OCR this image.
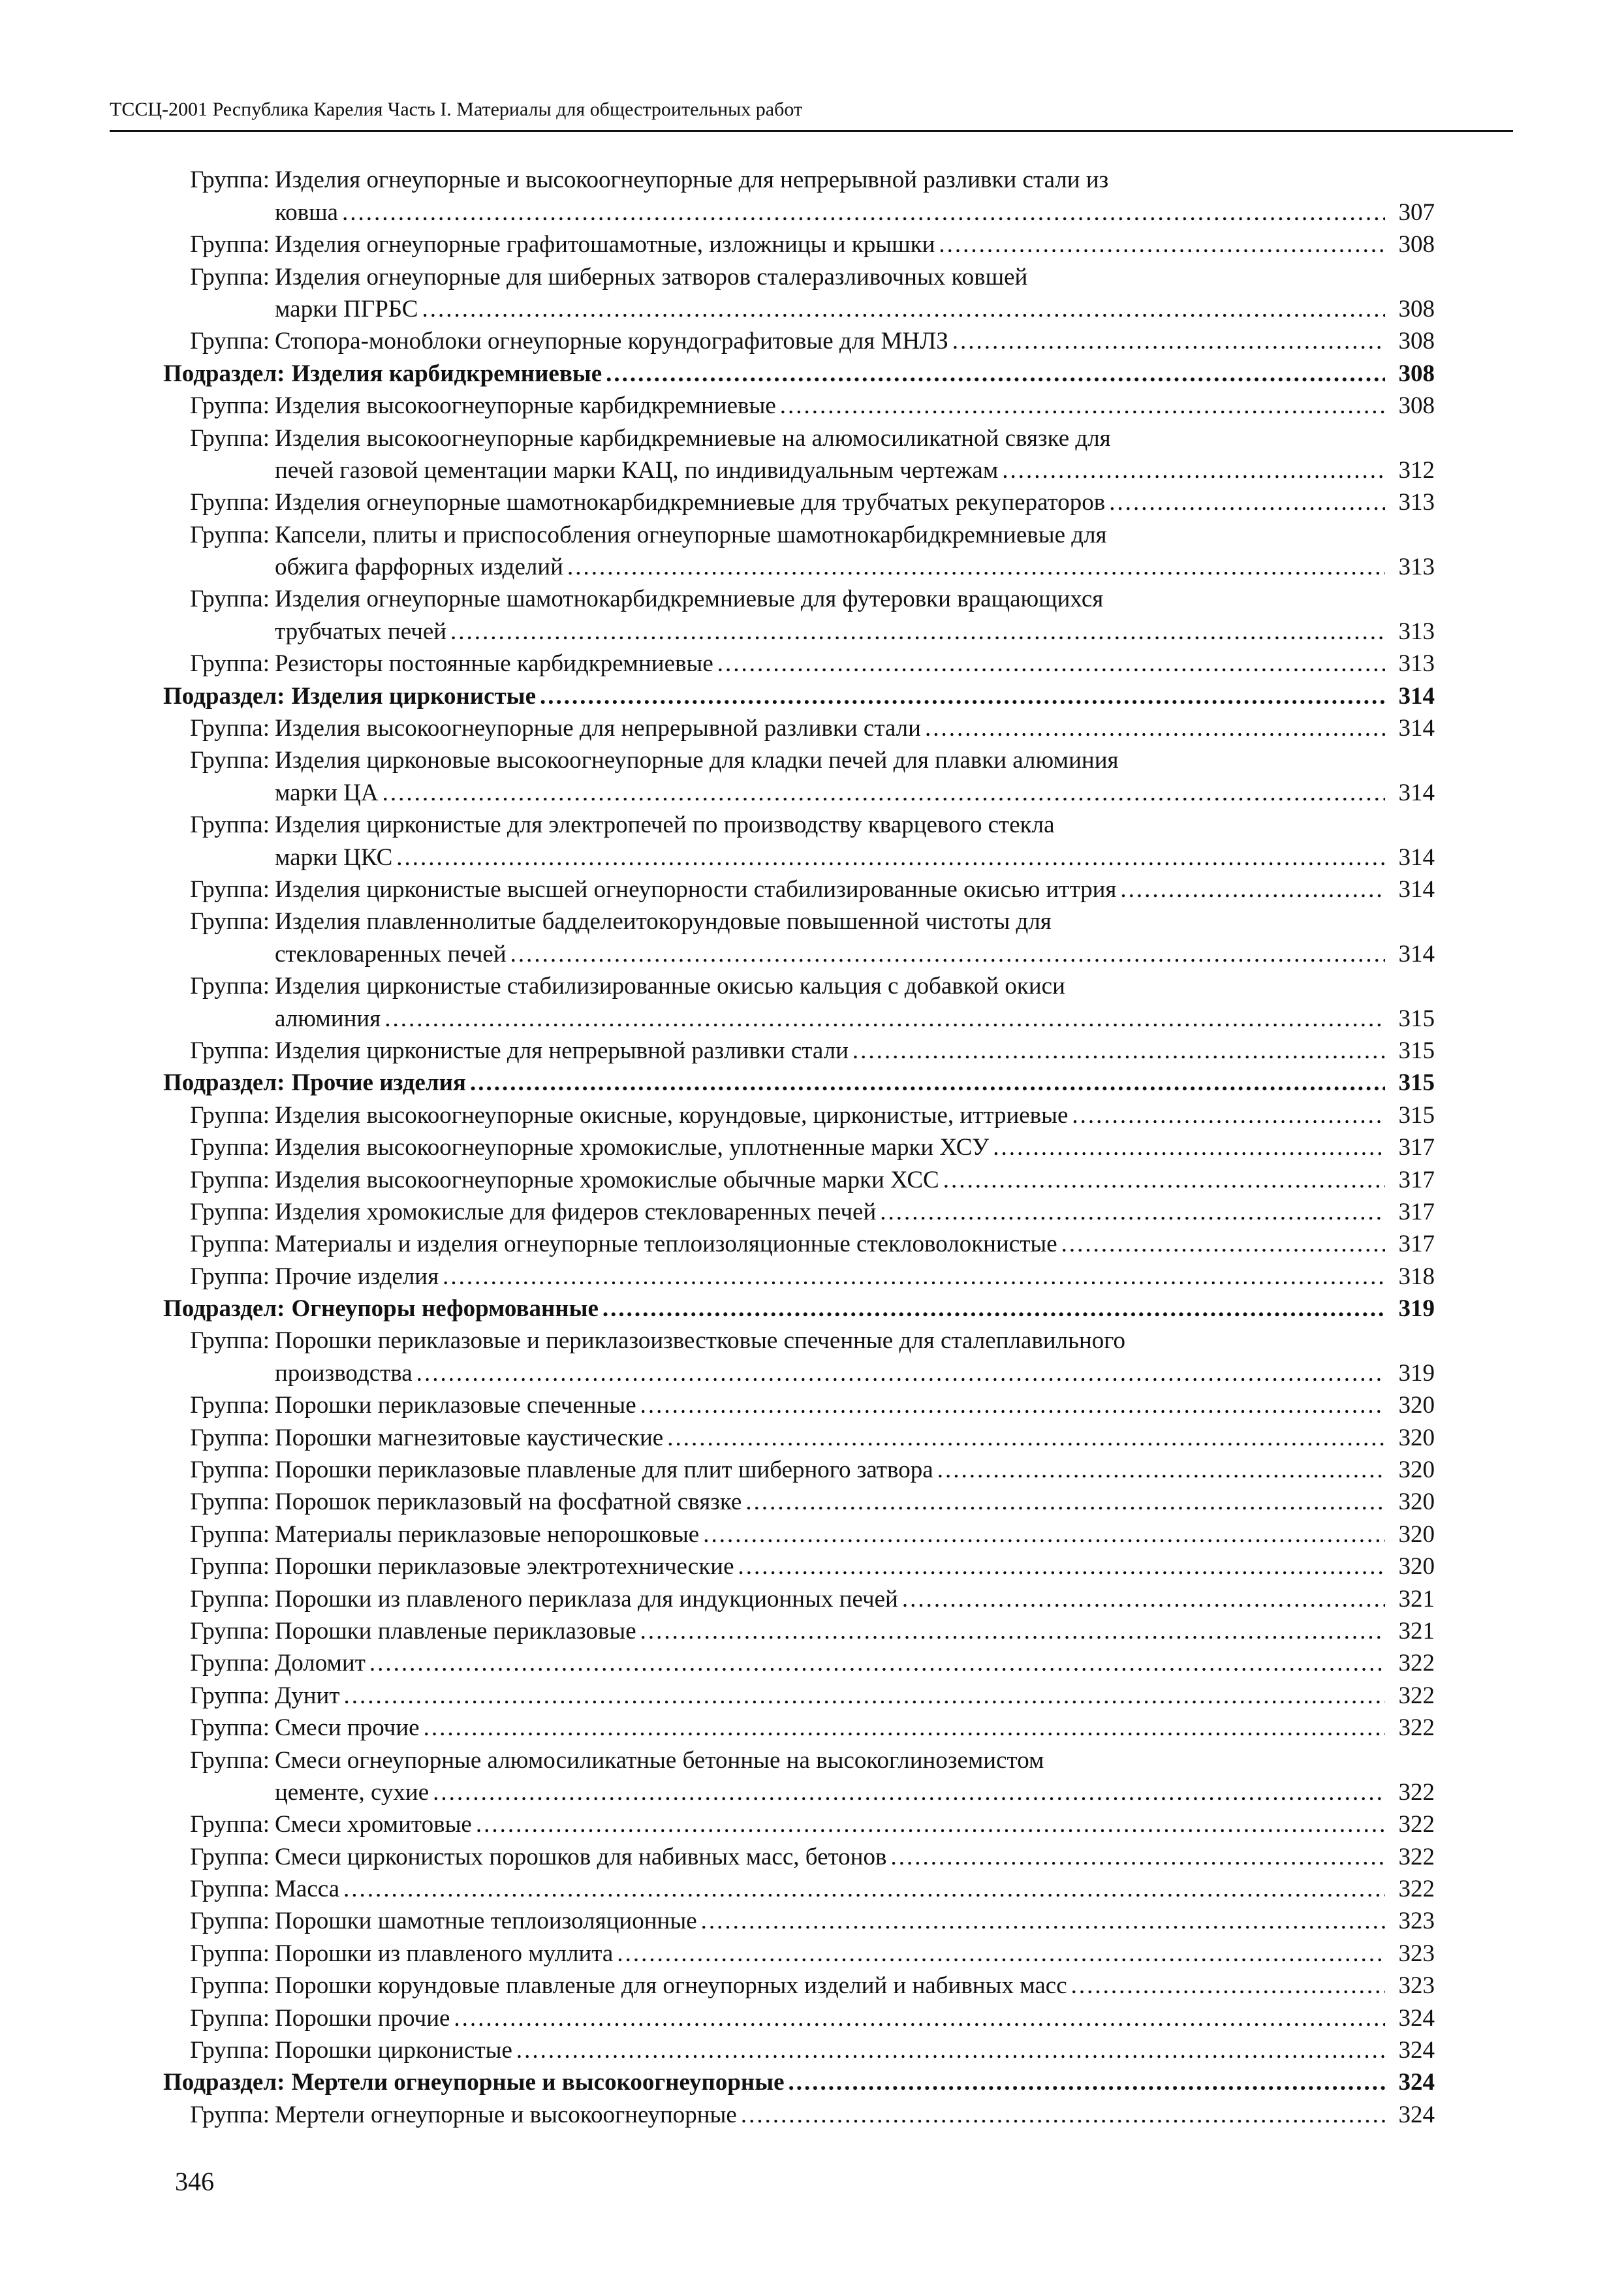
ТССЦ-2001 Республика Карелия Часть I. Материалы для общестроительных работ
Группа: Изделия огнеупорные и высокоогнеупорные для непрерывной разливки стали из
ковша .....	307
Группа: Изделия огнеупорные графитошамотные, изложницы и крышки .....	308
Группа: Изделия огнеупорные для шиберных затворов сталеразливочных ковшей
марки ПГРБС .....	308
Группа: Стопора-моноблоки огнеупорные корундографитовые для МНЛЗ .....	308
Подраздел: Изделия карбидкремниевые .....	308
Группа: Изделия высокоогнеупорные карбидкремниевые .....	308
Группа: Изделия высокоогнеупорные карбидкремниевые на алюмосиликатной связке для
печей газовой цементации марки КАЦ, по индивидуальным чертежам .....	312
Группа: Изделия огнеупорные шамотнокарбидкремниевые для трубчатых рекуператоров .....	313
Группа: Капсели, плиты и приспособления огнеупорные шамотнокарбидкремниевые для
обжига фарфорных изделий .....	313
Группа: Изделия огнеупорные шамотнокарбидкремниевые для футеровки вращающихся
трубчатых печей .....	313
Группа: Резисторы постоянные карбидкремниевые .....	313
Подраздел: Изделия цирконистые .....	314
Группа: Изделия высокоогнеупорные для непрерывной разливки стали .....	314
Группа: Изделия цирконовые высокоогнеупорные для кладки печей для плавки алюминия
марки ЦА .....	314
Группа: Изделия цирконистые для электропечей по производству кварцевого стекла
марки ЦКС .....	314
Группа: Изделия цирконистые высшей огнеупорности стабилизированные окисью иттрия .....	314
Группа: Изделия плавленнолитые бадделеитокорундовые повышенной чистоты для
стекловаренных печей .....	314
Группа: Изделия цирконистые стабилизированные окисью кальция с добавкой окиси
алюминия .....	315
Группа: Изделия цирконистые для непрерывной разливки стали .....	315
Подраздел: Прочие изделия .....	315
Группа: Изделия высокоогнеупорные окисные, корундовые, цирконистые, иттриевые .....	315
Группа: Изделия высокоогнеупорные хромокислые, уплотненные марки ХСУ .....	317
Группа: Изделия высокоогнеупорные хромокислые обычные марки ХСС .....	317
Группа: Изделия хромокислые для фидеров стекловаренных печей .....	317
Группа: Материалы и изделия огнеупорные теплоизоляционные стекловолокнистые .....	317
Группа: Прочие изделия .....	318
Подраздел: Огнеупоры неформованные .....	319
Группа: Порошки периклазовые и периклазоизвестковые спеченные для сталеплавильного
производства .....	319
Группа: Порошки периклазовые спеченные .....	320
Группа: Порошки магнезитовые каустические .....	320
Группа: Порошки периклазовые плавленые для плит шиберного затвора .....	320
Группа: Порошок периклазовый на фосфатной связке .....	320
Группа: Материалы периклазовые непорошковые .....	320
Группа: Порошки периклазовые электротехнические .....	320
Группа: Порошки из плавленого периклаза для индукционных печей .....	321
Группа: Порошки плавленые периклазовые .....	321
Группа: Доломит .....	322
Группа: Дунит .....	322
Группа: Смеси прочие .....	322
Группа: Смеси огнеупорные алюмосиликатные бетонные на высокоглиноземистом
цементе, сухие .....	322
Группа: Смеси хромитовые .....	322
Группа: Смеси цирконистых порошков для набивных масс, бетонов .....	322
Группа: Масса .....	322
Группа: Порошки шамотные теплоизоляционные .....	323
Группа: Порошки из плавленого муллита .....	323
Группа: Порошки корундовые плавленые для огнеупорных изделий и набивных масс .....	323
Группа: Порошки прочие .....	324
Группа: Порошки цирконистые .....	324
Подраздел: Мертели огнеупорные и высокоогнеупорные .....	324
Группа: Мертели огнеупорные и высокоогнеупорные .....	324
346
